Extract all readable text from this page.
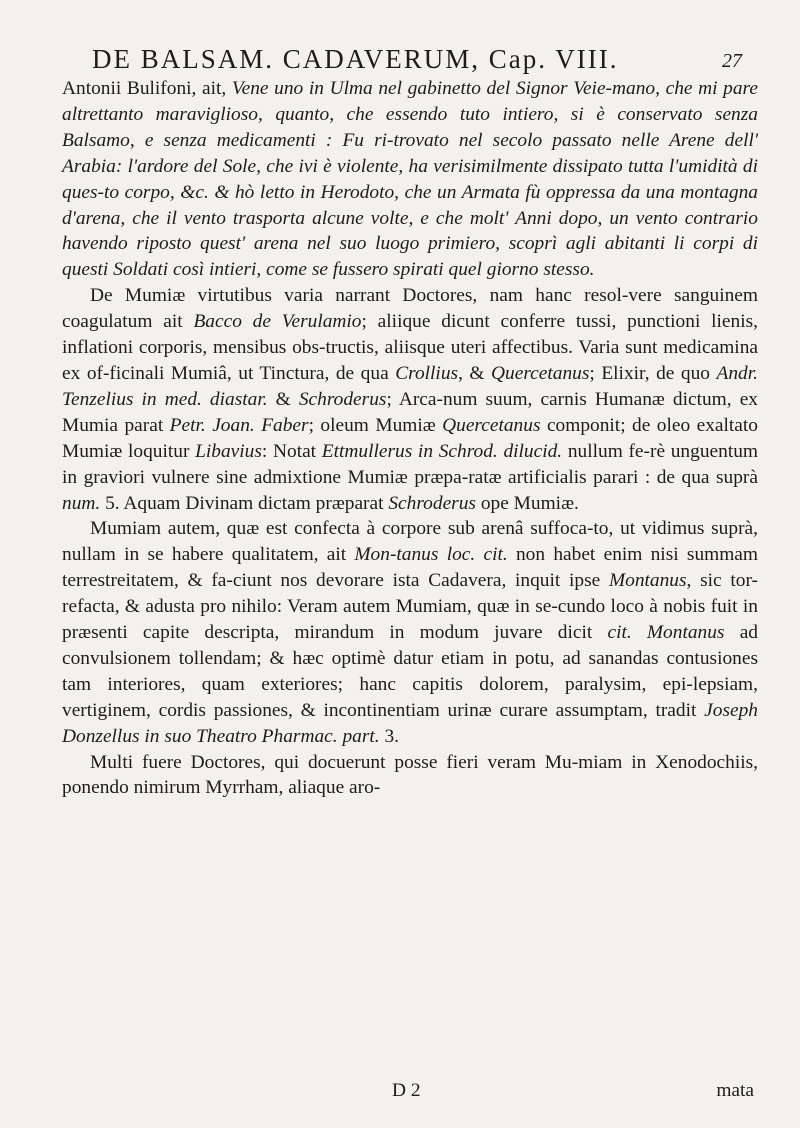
DE BALSAM. CADAVERUM, Cap. VIII.	27

Antonii Bulifoni, ait, Vene uno in Ulma nel gabinetto del Signor Veie-mano, che mi pare altrettanto maraviglioso, quanto, che essendo tuto intiero, si è conservato senza Balsamo, e senza medicamenti : Fu ri-trovato nel secolo passato nelle Arene dell' Arabia: l'ardore del Sole, che ivi è violente, ha verisimilmente dissipato tutta l'umidità di ques-to corpo, &c. & hò letto in Herodoto, che un Armata fù oppressa da una montagna d'arena, che il vento trasporta alcune volte, e che molt' Anni dopo, un vento contrario havendo riposto quest' arena nel suo luogo primiero, scoprì agli abitanti li corpi di questi Soldati così intieri, come se fussero spirati quel giorno stesso.

De Mumiæ virtutibus varia narrant Doctores, nam hanc resol-vere sanguinem coagulatum ait Bacco de Verulamio; aliique dicunt conferre tussi, punctioni lienis, inflationi corporis, mensibus obs-tructis, aliisque uteri affectibus. Varia sunt medicamina ex of-ficinali Mumiâ, ut Tinctura, de qua Crollius, & Quercetanus; Elixir, de quo Andr. Tenzelius in med. diastar. & Schroderus; Arca-num suum, carnis Humanæ dictum, ex Mumia parat Petr. Joan. Faber; oleum Mumiæ Quercetanus componit; de oleo exaltato Mumiæ loquitur Libavius: Notat Ettmullerus in Schrod. dilucid. nullum fe-rè unguentum in graviori vulnere sine admixtione Mumiæ præpa-ratæ artificialis parari : de qua suprà num. 5. Aquam Divinam dictam præparat Schroderus ope Mumiæ.

Mumiam autem, quæ est confecta à corpore sub arenâ suffoca-to, ut vidimus suprà, nullam in se habere qualitatem, ait Mon-tanus loc. cit. non habet enim nisi summam terrestreitatem, & fa-ciunt nos devorare ista Cadavera, inquit ipse Montanus, sic tor-refacta, & adusta pro nihilo: Veram autem Mumiam, quæ in se-cundo loco à nobis fuit in præsenti capite descripta, mirandum in modum juvare dicit cit. Montanus ad convulsionem tollendam; & hæc optimè datur etiam in potu, ad sanandas contusiones tam interiores, quam exteriores; hanc capitis dolorem, paralysim, epi-lepsiam, vertiginem, cordis passiones, & incontinentiam urinæ curare assumptam, tradit Joseph Donzellus in suo Theatro Pharmac. part. 3.

Multi fuere Doctores, qui docuerunt posse fieri veram Mu-miam in Xenodochiis, ponendo nimirum Myrrham, aliaque aro-

D 2	mata
